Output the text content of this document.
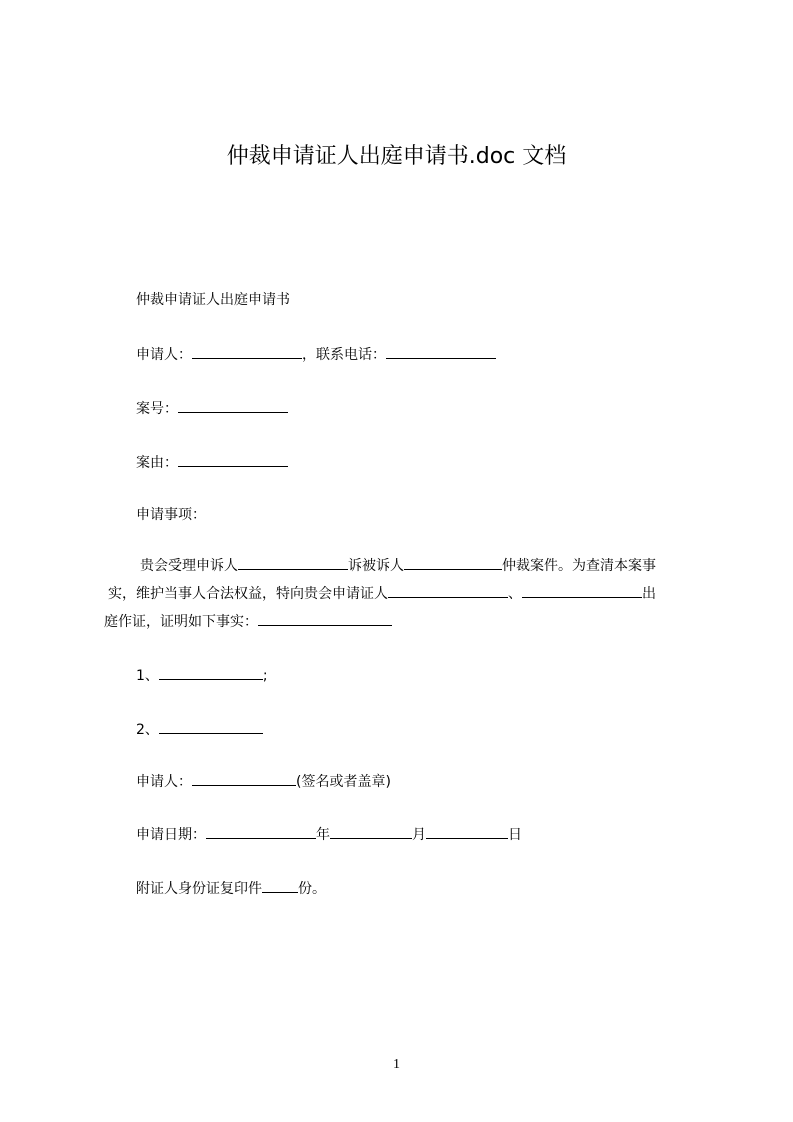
仲裁申请证人出庭申请书.doc 文档
仲裁申请证人出庭申请书
申请人：	，联系电话：
案号：
案由：
申请事项：
贵会受理申诉人	诉被诉人	仲裁案件。为查清本案事
实，维护当事人合法权益，特向贵会申请证人	、	出
庭作证，证明如下事实：
1、	;
2、
申请人：	(签名或者盖章)
申请日期：	年	月	日
附证人身份证复印件	份。
1
